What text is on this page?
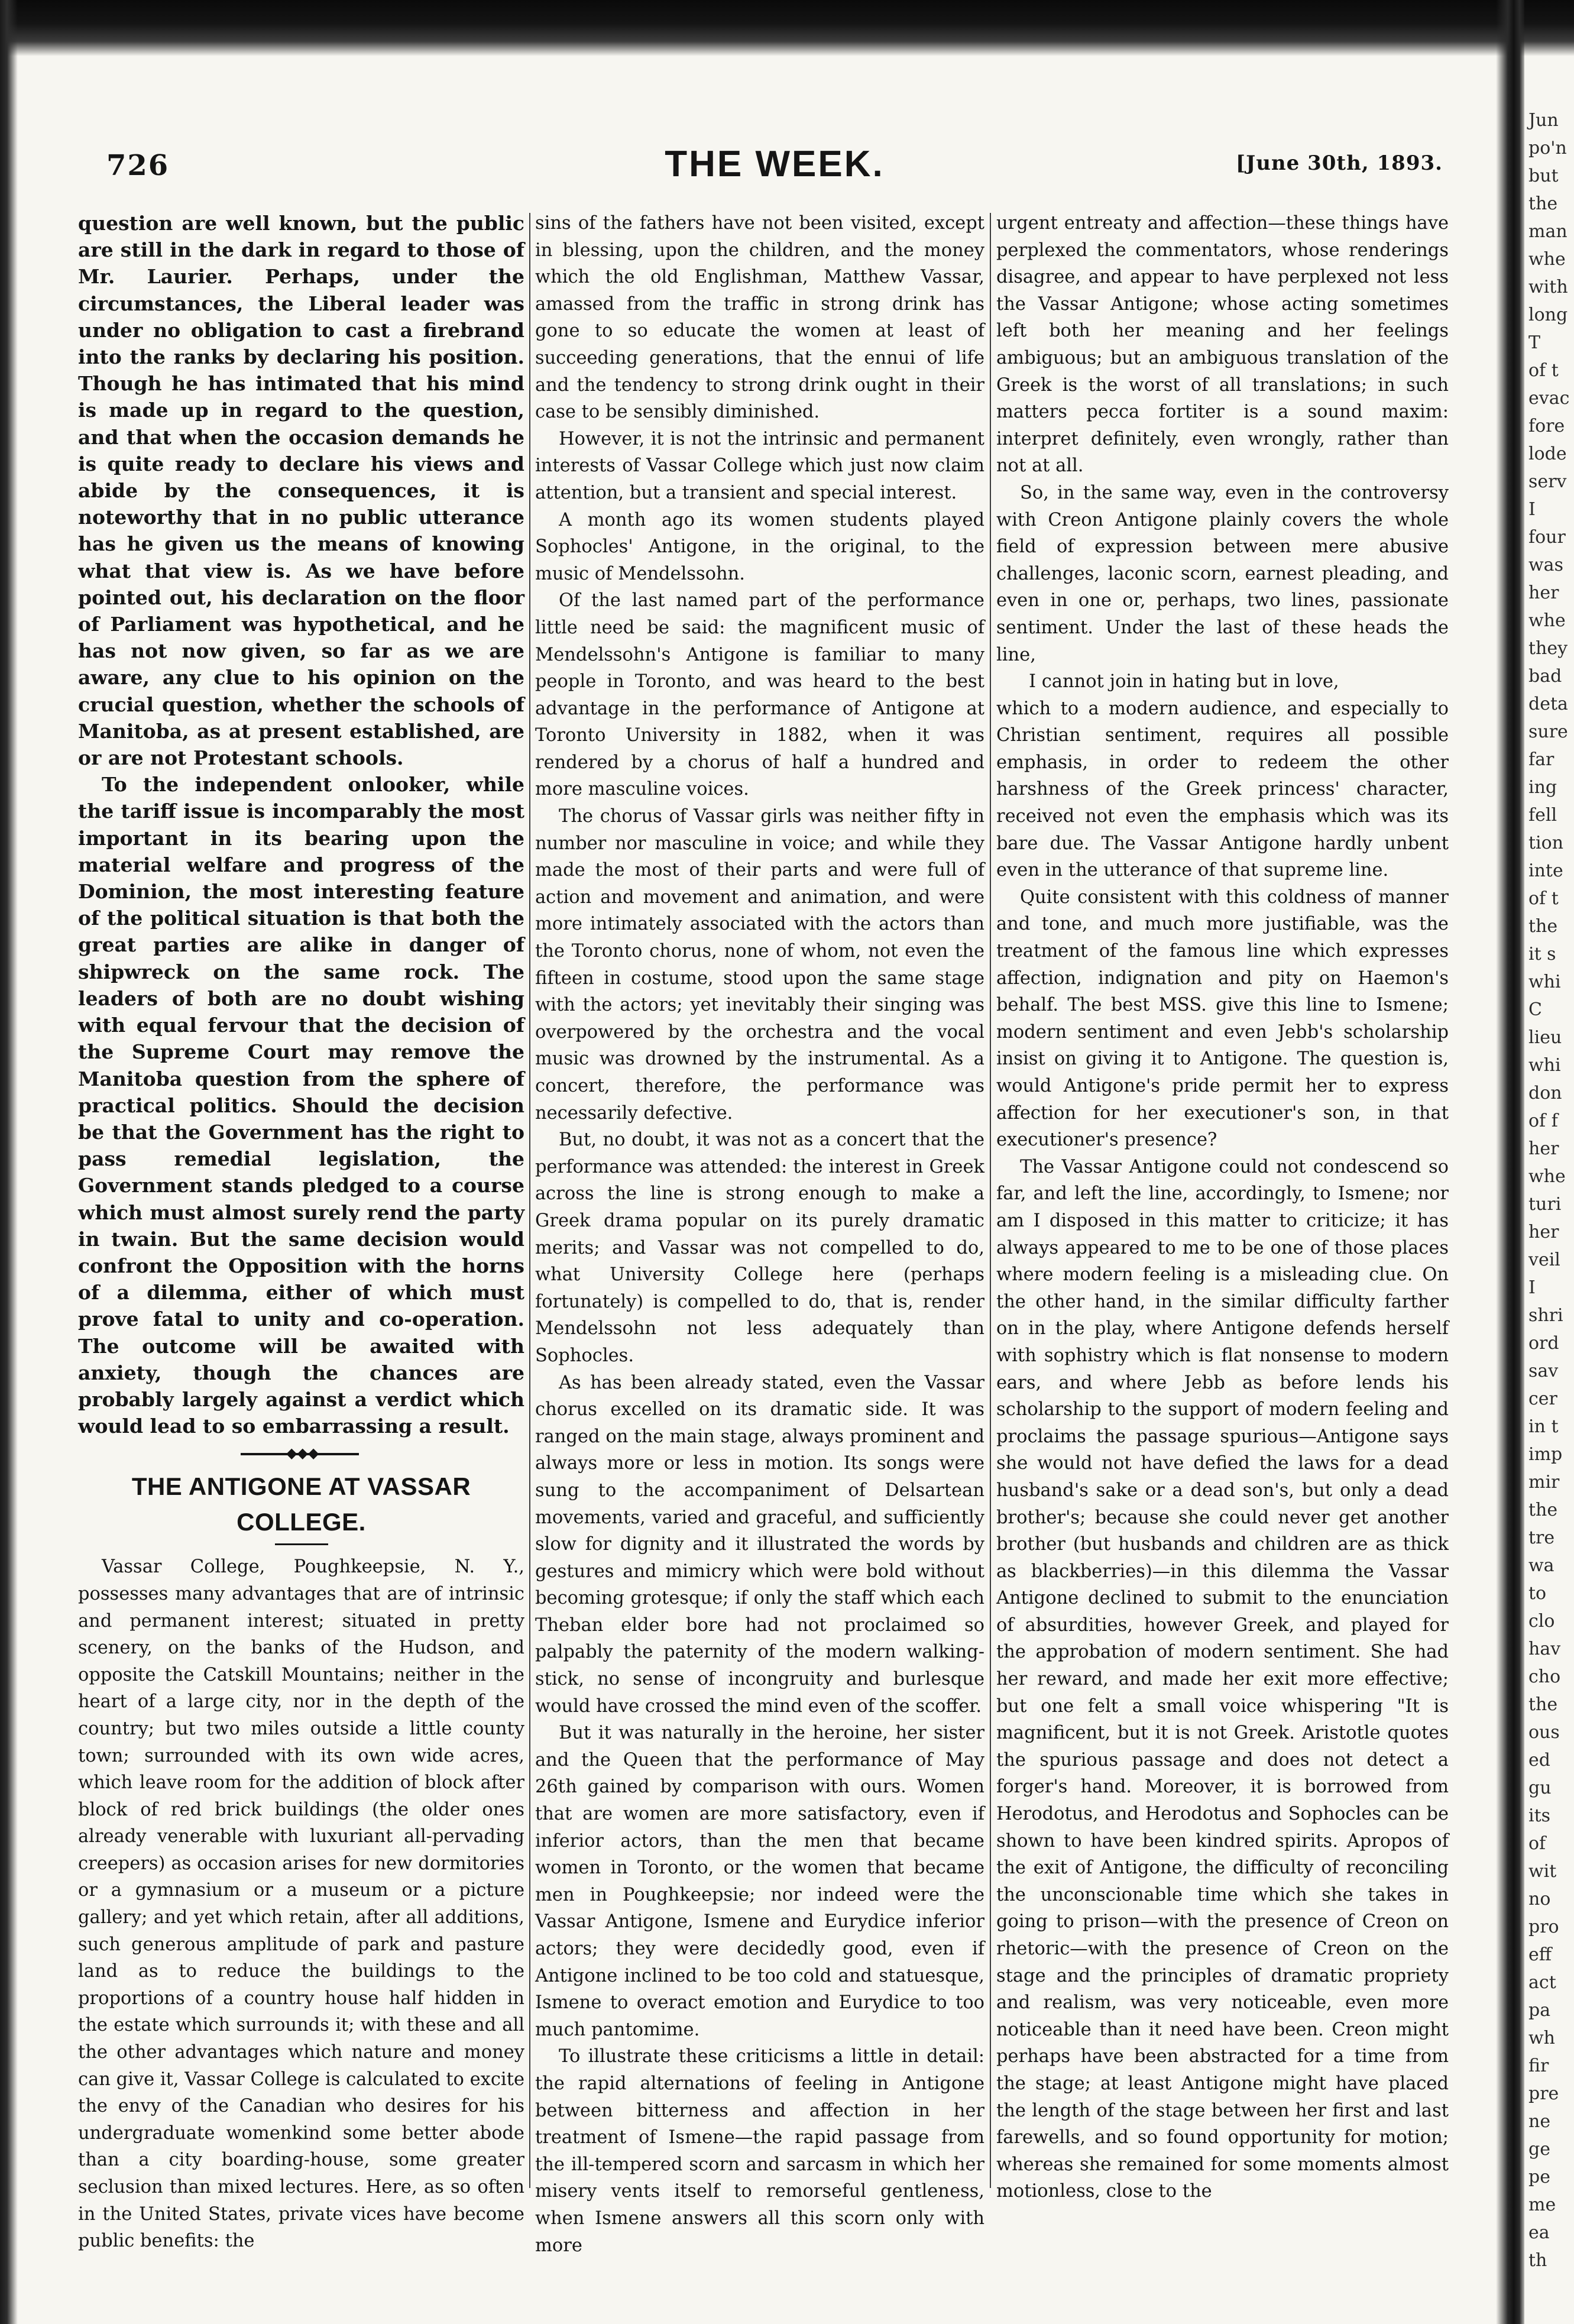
726	THE WEEK.	[June 30th, 1893.

question are well known, but the public are still in the dark in regard to those of Mr. Laurier. Perhaps, under the circumstances, the Liberal leader was under no obligation to cast a firebrand into the ranks by declaring his position. Though he has intimated that his mind is made up in regard to the question, and that when the occasion demands he is quite ready to declare his views and abide by the consequences, it is noteworthy that in no public utterance has he given us the means of knowing what that view is. As we have before pointed out, his declaration on the floor of Parliament was hypothetical, and he has not now given, so far as we are aware, any clue to his opinion on the crucial question, whether the schools of Manitoba, as at present established, are or are not Protestant schools.

To the independent onlooker, while the tariff issue is incomparably the most important in its bearing upon the material welfare and progress of the Dominion, the most interesting feature of the political situation is that both the great parties are alike in danger of shipwreck on the same rock. The leaders of both are no doubt wishing with equal fervour that the decision of the Supreme Court may remove the Manitoba question from the sphere of practical politics. Should the decision be that the Government has the right to pass remedial legislation, the Government stands pledged to a course which must almost surely rend the party in twain. But the same decision would confront the Opposition with the horns of a dilemma, either of which must prove fatal to unity and co-operation. The outcome will be awaited with anxiety, though the chances are probably largely against a verdict which would lead to so embarrassing a result.

◆◆◆
THE ANTIGONE AT VASSAR COLLEGE.

Vassar College, Poughkeepsie, N. Y., possesses many advantages that are of intrinsic and permanent interest; situated in pretty scenery, on the banks of the Hudson, and opposite the Catskill Mountains; neither in the heart of a large city, nor in the depth of the country; but two miles outside a little county town; surrounded with its own wide acres, which leave room for the addition of block after block of red brick buildings (the older ones already venerable with luxuriant all-pervading creepers) as occasion arises for new dormitories or a gymnasium or a museum or a picture gallery; and yet which retain, after all additions, such generous amplitude of park and pasture land as to reduce the buildings to the proportions of a country house half hidden in the estate which surrounds it; with these and all the other advantages which nature and money can give it, Vassar College is calculated to excite the envy of the Canadian who desires for his undergraduate womenkind some better abode than a city boarding-house, some greater seclusion than mixed lectures. Here, as so often in the United States, private vices have become public benefits: the

sins of the fathers have not been visited, except in blessing, upon the children, and the money which the old Englishman, Matthew Vassar, amassed from the traffic in strong drink has gone to so educate the women at least of succeeding generations, that the ennui of life and the tendency to strong drink ought in their case to be sensibly diminished.

However, it is not the intrinsic and permanent interests of Vassar College which just now claim attention, but a transient and special interest.

A month ago its women students played Sophocles' Antigone, in the original, to the music of Mendelssohn.

Of the last named part of the performance little need be said: the magnificent music of Mendelssohn's Antigone is familiar to many people in Toronto, and was heard to the best advantage in the performance of Antigone at Toronto University in 1882, when it was rendered by a chorus of half a hundred and more masculine voices.

The chorus of Vassar girls was neither fifty in number nor masculine in voice; and while they made the most of their parts and were full of action and movement and animation, and were more intimately associated with the actors than the Toronto chorus, none of whom, not even the fifteen in costume, stood upon the same stage with the actors; yet inevitably their singing was overpowered by the orchestra and the vocal music was drowned by the instrumental. As a concert, therefore, the performance was necessarily defective.

But, no doubt, it was not as a concert that the performance was attended: the interest in Greek across the line is strong enough to make a Greek drama popular on its purely dramatic merits; and Vassar was not compelled to do, what University College here (perhaps fortunately) is compelled to do, that is, render Mendelssohn not less adequately than Sophocles.

As has been already stated, even the Vassar chorus excelled on its dramatic side. It was ranged on the main stage, always prominent and always more or less in motion. Its songs were sung to the accompaniment of Delsartean movements, varied and graceful, and sufficiently slow for dignity and it illustrated the words by gestures and mimicry which were bold without becoming grotesque; if only the staff which each Theban elder bore had not proclaimed so palpably the paternity of the modern walking-stick, no sense of incongruity and burlesque would have crossed the mind even of the scoffer.

But it was naturally in the heroine, her sister and the Queen that the performance of May 26th gained by comparison with ours. Women that are women are more satisfactory, even if inferior actors, than the men that became women in Toronto, or the women that became men in Poughkeepsie; nor indeed were the Vassar Antigone, Ismene and Eurydice inferior actors; they were decidedly good, even if Antigone inclined to be too cold and statuesque, Ismene to overact emotion and Eurydice to too much pantomime.

To illustrate these criticisms a little in detail: the rapid alternations of feeling in Antigone between bitterness and affection in her treatment of Ismene—the rapid passage from the ill-tempered scorn and sarcasm in which her misery vents itself to remorseful gentleness, when Ismene answers all this scorn only with more

urgent entreaty and affection—these things have perplexed the commentators, whose renderings disagree, and appear to have perplexed not less the Vassar Antigone; whose acting sometimes left both her meaning and her feelings ambiguous; but an ambiguous translation of the Greek is the worst of all translations; in such matters pecca fortiter is a sound maxim: interpret definitely, even wrongly, rather than not at all.

So, in the same way, even in the controversy with Creon Antigone plainly covers the whole field of expression between mere abusive challenges, laconic scorn, earnest pleading, and even in one or, perhaps, two lines, passionate sentiment. Under the last of these heads the line,

I cannot join in hating but in love,

which to a modern audience, and especially to Christian sentiment, requires all possible emphasis, in order to redeem the other harshness of the Greek princess' character, received not even the emphasis which was its bare due. The Vassar Antigone hardly unbent even in the utterance of that supreme line.

Quite consistent with this coldness of manner and tone, and much more justifiable, was the treatment of the famous line which expresses affection, indignation and pity on Haemon's behalf. The best MSS. give this line to Ismene; modern sentiment and even Jebb's scholarship insist on giving it to Antigone. The question is, would Antigone's pride permit her to express affection for her executioner's son, in that executioner's presence?

The Vassar Antigone could not condescend so far, and left the line, accordingly, to Ismene; nor am I disposed in this matter to criticize; it has always appeared to me to be one of those places where modern feeling is a misleading clue. On the other hand, in the similar difficulty farther on in the play, where Antigone defends herself with sophistry which is flat nonsense to modern ears, and where Jebb as before lends his scholarship to the support of modern feeling and proclaims the passage spurious—Antigone says she would not have defied the laws for a dead husband's sake or a dead son's, but only a dead brother's; because she could never get another brother (but husbands and children are as thick as blackberries)—in this dilemma the Vassar Antigone declined to submit to the enunciation of absurdities, however Greek, and played for the approbation of modern sentiment. She had her reward, and made her exit more effective; but one felt a small voice whispering "It is magnificent, but it is not Greek. Aristotle quotes the spurious passage and does not detect a forger's hand. Moreover, it is borrowed from Herodotus, and Herodotus and Sophocles can be shown to have been kindred spirits. Apropos of the exit of Antigone, the difficulty of reconciling the unconscionable time which she takes in going to prison—with the presence of Creon on rhetoric—with the presence of Creon on the stage and the principles of dramatic propriety and realism, was very noticeable, even more noticeable than it need have been. Creon might perhaps have been abstracted for a time from the stage; at least Antigone might have placed the length of the stage between her first and last farewells, and so found opportunity for motion; whereas she remained for some moments almost motionless, close to the

Jun
po'n
but
the
man
whe
with
long
T
of t
evac
fore
lode
serv
I
four
was
her
whe
they
bad
deta
sure
far
ing
fell
tion
inte
of t
the
it s
whi
C
lieu
whi
don
of f
her
whe
turi
her
veil
I
shri
ord
sav
cer
in t
imp
mir
the
tre
wa
to
clo
hav
cho
the
ous
ed
gu
its
of
wit
no
pro
eff
act
pa
wh
fir
pre
ne
ge
pe
me
ea
th
